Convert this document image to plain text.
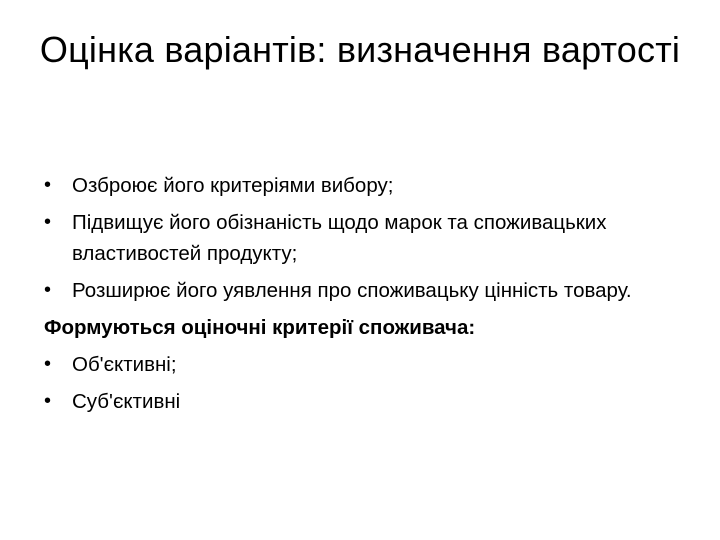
Оцінка варіантів: визначення вартості
• Озброює його критеріями вибору;
• Підвищує його обізнаність щодо марок та споживацьких властивостей продукту;
• Розширює його уявлення про споживацьку цінність товару.
Формуються оціночні критерії споживача:
• Об'єктивні;
• Суб'єктивні
